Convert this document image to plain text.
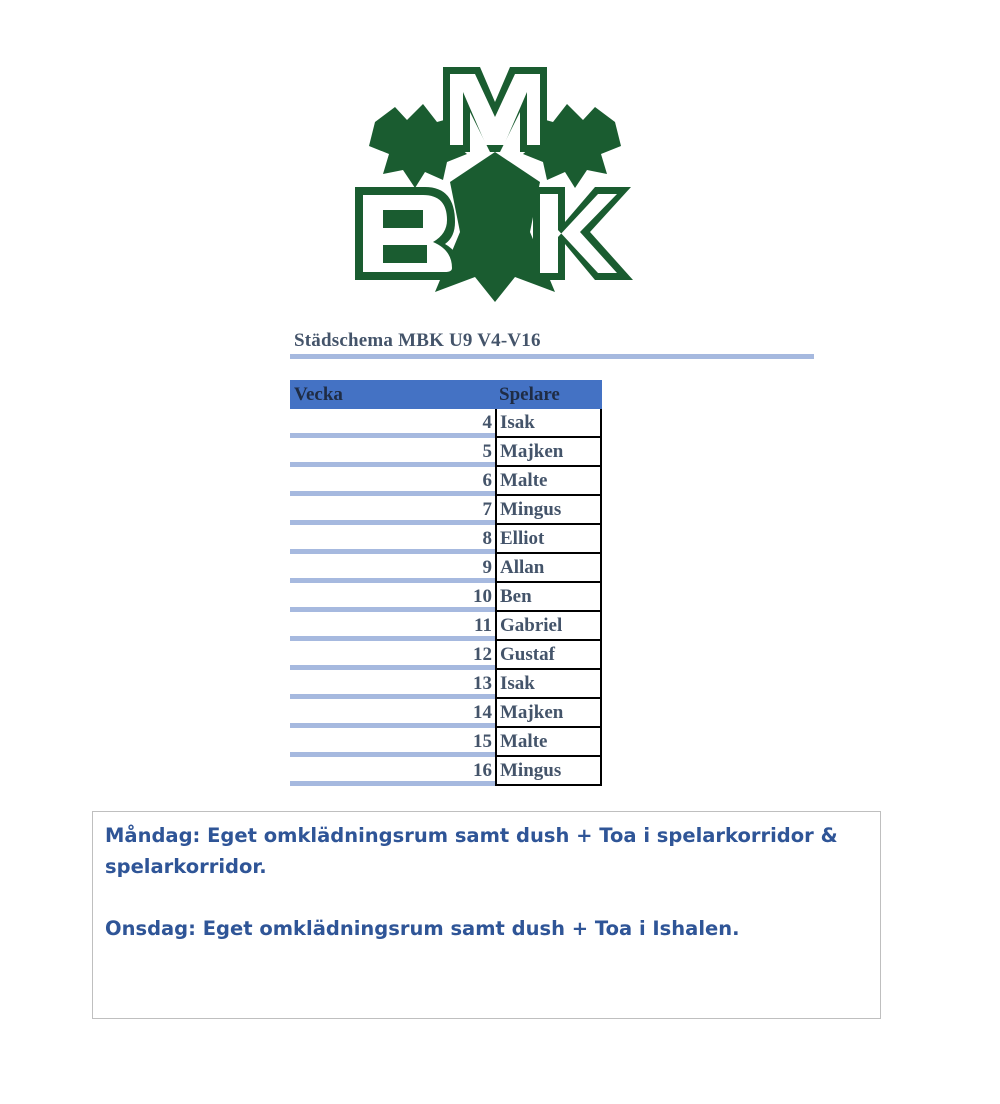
Städschema MBK U9 V4-V16
Vecka	Spelare
4 Isak
5 Majken
6 Malte
7 Mingus
8 Elliot
9 Allan
10 Ben
11 Gabriel
12 Gustaf
13 Isak
14 Majken
15 Malte
16 Mingus

Måndag: Eget omklädningsrum samt dush + Toa i spelarkorridor & spelarkorridor.

Onsdag: Eget omklädningsrum samt dush + Toa i Ishalen.
